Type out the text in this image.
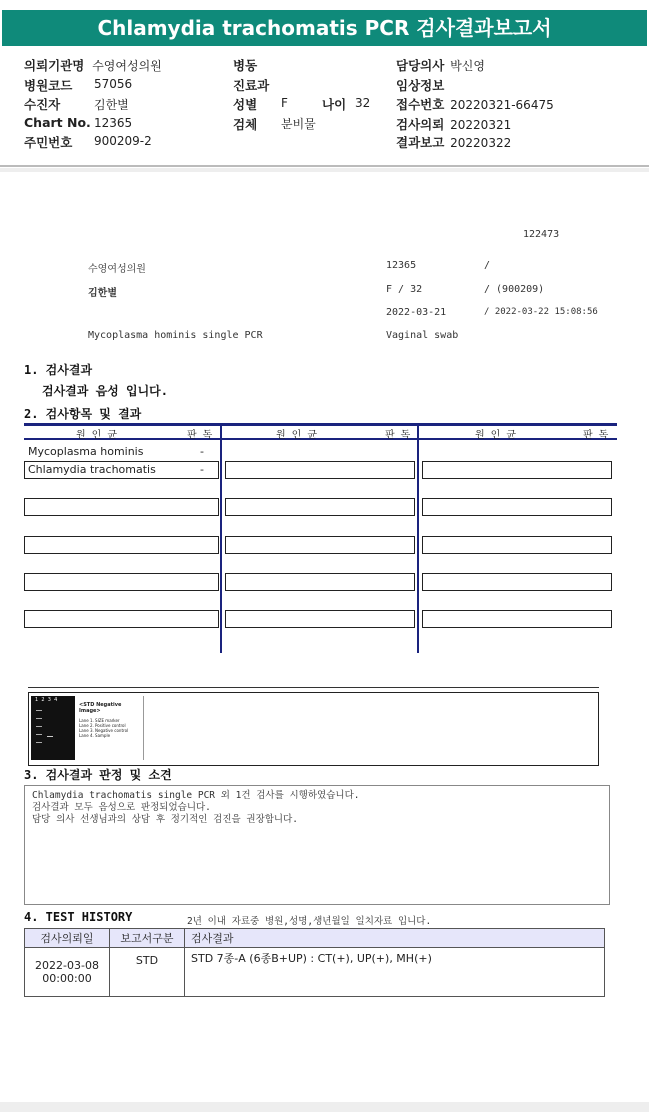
Chlamydia trachomatis PCR 검사결과보고서
의뢰기관명 수영여성의원
병원코드 57056
수진자	김한별
Chart No. 12365
주민번호 900209-2
병동
진료과
성별 F	나이 32
검체 분비물
담당의사 박신영
임상정보
접수번호 20220321-66475
검사의뢰 20220321
결과보고 20220322
122473
수영여성의원	12365	/
김한별	F / 32	/ (900209)
2022-03-21	/ 2022-03-22 15:08:56
Mycoplasma hominis single PCR	Vaginal swab
1. 검사결과
검사결과 음성 입니다.
2. 검사항목 및 결과
원 인 균	판 독	원 인 균	판 독	원 인 균	판 독
Mycoplasma hominis	-
Chlamydia trachomatis	-
1  2  3  4
<STD Negative Image>
Lane 1. SIZE marker
Lane 2. Positive control
Lane 3. Negative control
Lane 4. Sample
3. 검사결과 판정 및 소견
Chlamydia trachomatis single PCR 외 1건 검사를 시행하였습니다.
검사결과 모두 음성으로 판정되었습니다.
담당 의사 선생님과의 상담 후 정기적인 검진을 권장합니다.
4. TEST HISTORY	2년 이내 자료중 병원,성명,생년월일 일치자료 입니다.
검사의뢰일	보고서구분	검사결과

2022-03-08
00:00:00	STD	STD 7종-A (6종B+UP) : CT(+), UP(+), MH(+)
